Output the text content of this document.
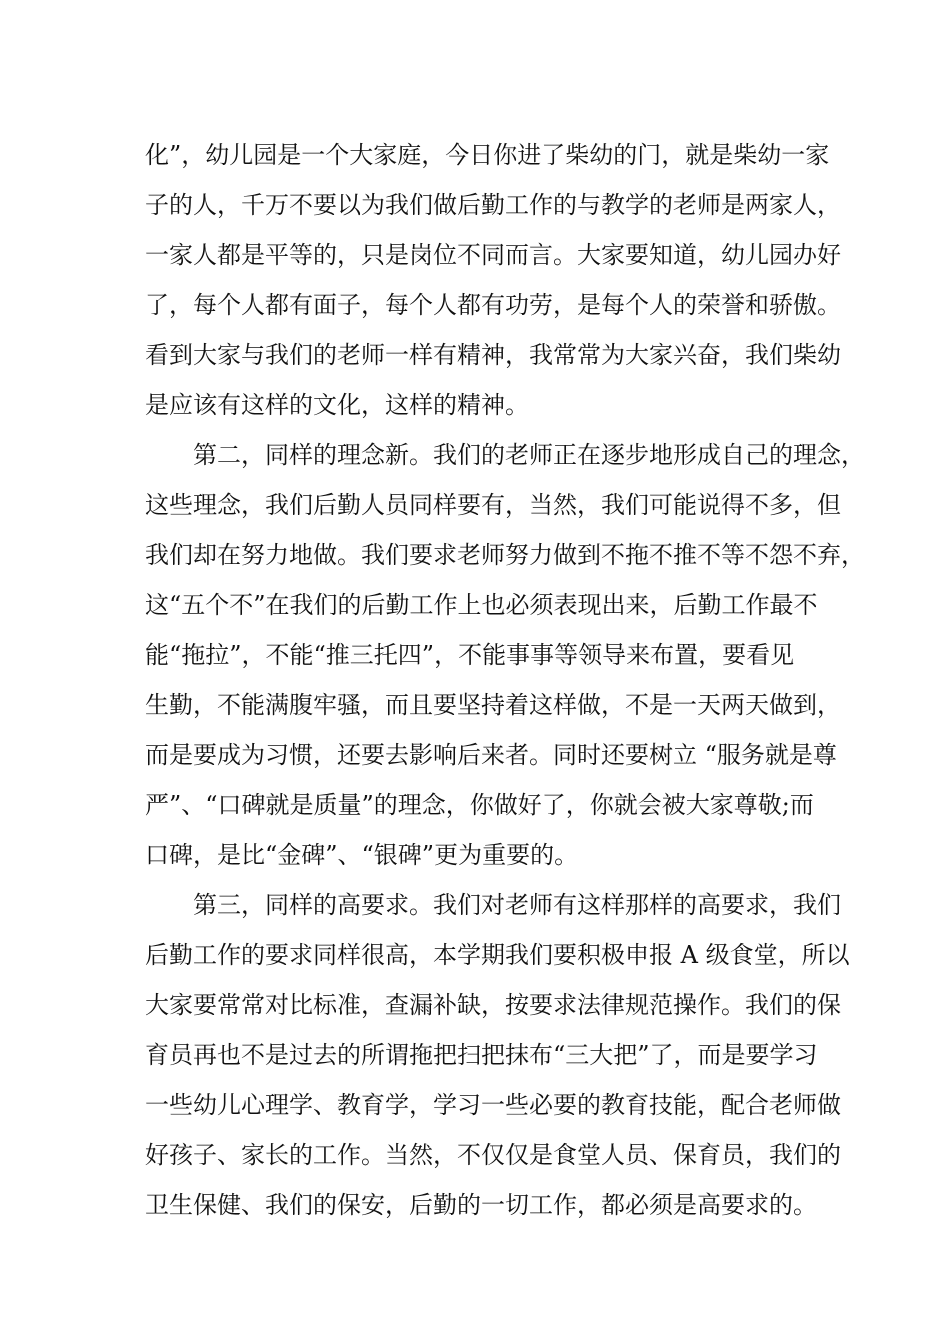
化”，幼儿园是一个大家庭，今日你进了柴幼的门，就是柴幼一家
子的人，千万不要以为我们做后勤工作的与教学的老师是两家人，
一家人都是平等的，只是岗位不同而言。大家要知道，幼儿园办好
了，每个人都有面子，每个人都有功劳，是每个人的荣誉和骄傲。
看到大家与我们的老师一样有精神，我常常为大家兴奋，我们柴幼
是应该有这样的文化，这样的精神。
　　第二，同样的理念新。我们的老师正在逐步地形成自己的理念，
这些理念，我们后勤人员同样要有，当然，我们可能说得不多，但
我们却在努力地做。我们要求老师努力做到不拖不推不等不怨不弃，
这“五个不”在我们的后勤工作上也必须表现出来，后勤工作最不
能“拖拉”，不能“推三托四”，不能事事等领导来布置，要看见
生勤，不能满腹牢骚，而且要坚持着这样做，不是一天两天做到，
而是要成为习惯，还要去影响后来者。同时还要树立 “服务就是尊
严”、“口碑就是质量”的理念，你做好了，你就会被大家尊敬;而
口碑，是比“金碑”、“银碑”更为重要的。
　　第三，同样的高要求。我们对老师有这样那样的高要求，我们
后勤工作的要求同样很高，本学期我们要积极申报 A 级食堂，所以
大家要常常对比标准，查漏补缺，按要求法律规范操作。我们的保
育员再也不是过去的所谓拖把扫把抹布“三大把”了，而是要学习
一些幼儿心理学、教育学，学习一些必要的教育技能，配合老师做
好孩子、家长的工作。当然，不仅仅是食堂人员、保育员，我们的
卫生保健、我们的保安，后勤的一切工作，都必须是高要求的。
